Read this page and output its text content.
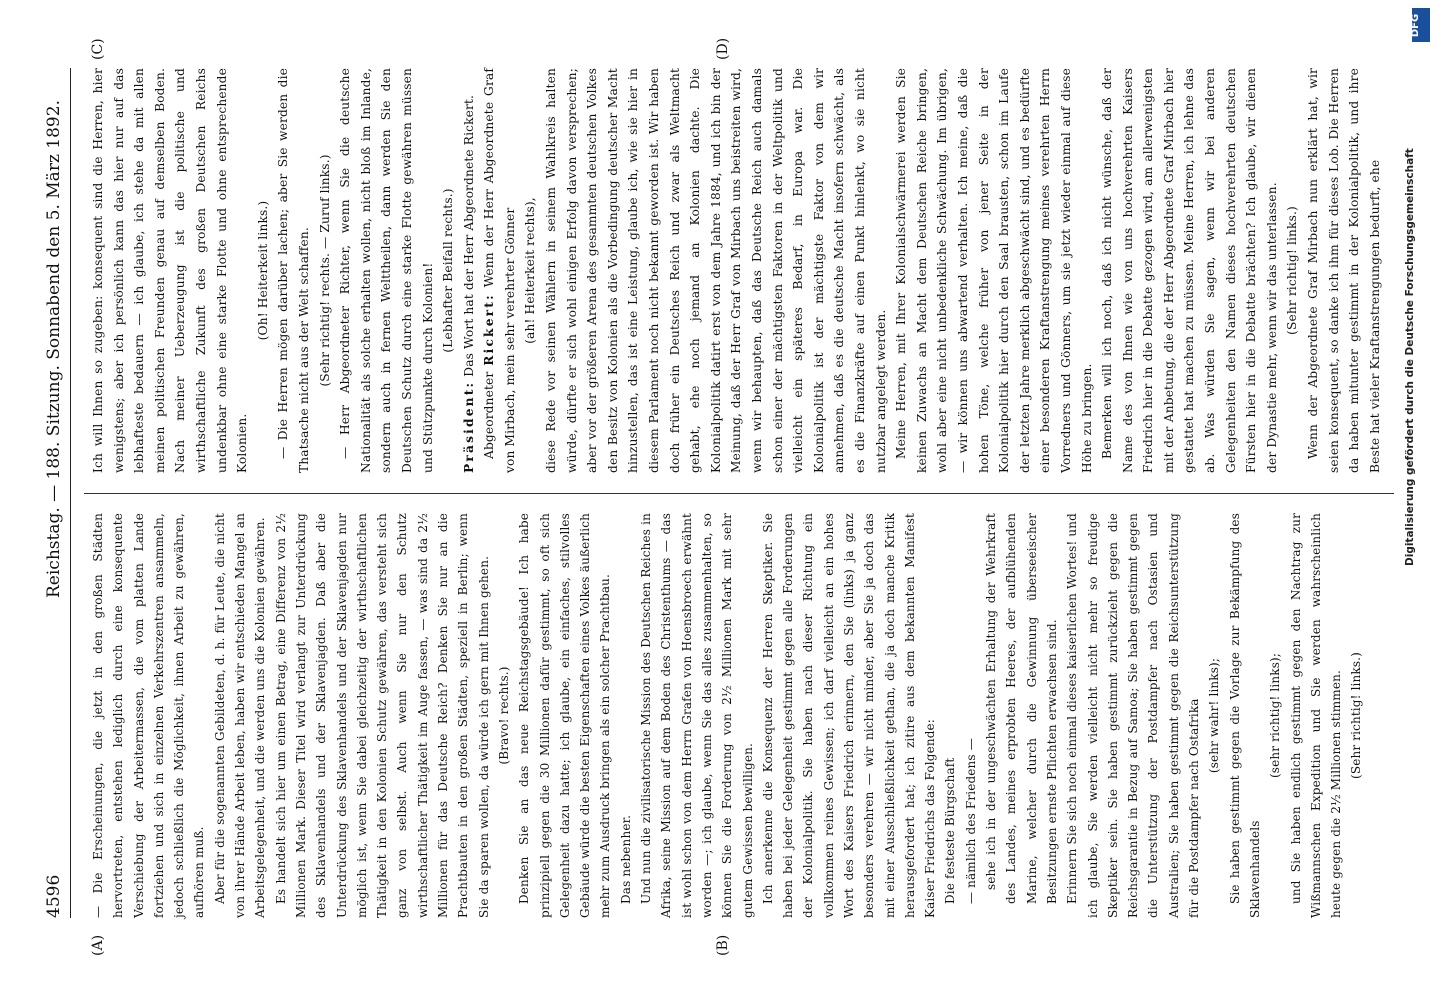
4596
Reichstag. — 188. Sitzung. Sonnabend den 5. März 1892.
(A)	(B)
(C)	(D)

— Die Erscheinungen, die jetzt in den großen Städten hervortreten, entstehen lediglich durch eine konsequente Verschiebung der Arbeitermassen, die vom platten Lande fortziehen und sich in einzelnen Verkehrszentren ansammeln, jedoch schließlich die Möglichkeit, ihnen Arbeit zu gewähren, aufhören muß. Aber für die sogenannten Gebildeten, d. h. für Leute, die nicht von ihrer Hände Arbeit leben, haben wir entschieden Mangel an Arbeitsgelegenheit, und die werden uns die Kolonien gewähren. Es handelt sich hier um einen Betrag, eine Differenz von 2½ Millionen Mark. Dieser Titel wird verlangt zur Unterdrückung des Sklavenhandels und der Sklavenjagden. Daß aber die Unterdrückung des Sklavenhandels und der Sklavenjagden nur möglich ist, wenn Sie dabei gleichzeitig der wirthschaftlichen Thätigkeit in den Kolonien Schutz gewähren, das versteht sich ganz von selbst. Auch wenn Sie nur den Schutz wirthschaftlicher Thätigkeit im Auge fassen, — was sind da 2½ Millionen für das Deutsche Reich? Denken Sie nur an die Prachtbauten in den großen Städten, speziell in Berlin; wenn Sie da sparen wollen, da würde ich gern mit Ihnen gehen. (Bravo! rechts.) Denken Sie an das neue Reichstagsgebäude! Ich habe prinzipiell gegen die 30 Millionen dafür gestimmt, so oft sich Gelegenheit dazu hatte; ich glaube, ein einfaches, stilvolles Gebäude würde die besten Eigenschaften eines Volkes äußerlich mehr zum Ausdruck bringen als ein solcher Prachtbau. Das nebenher. Und nun die zivilisatorische Mission des Deutschen Reiches in Afrika, seine Mission auf dem Boden des Christenthums — das ist wohl schon von dem Herrn Grafen von Hoensbroech erwähnt worden —; ich glaube, wenn Sie das alles zusammenhalten, so können Sie die Forderung von 2½ Millionen Mark mit sehr gutem Gewissen bewilligen. Ich anerkenne die Konsequenz der Herren Skeptiker. Sie haben bei jeder Gelegenheit gestimmt gegen alle Forderungen der Kolonialpolitik. Sie haben nach dieser Richtung ein vollkommen reines Gewissen; ich darf vielleicht an ein hohes Wort des Kaisers Friedrich erinnern, den Sie (links) ja ganz besonders verehren — wir nicht minder, aber Sie ja doch das mit einer Ausschließlichkeit gethan, die ja doch manche Kritik herausgefordert hat; ich zitire aus dem bekannten Manifest Kaiser Friedrichs das Folgende: Die festeste Bürgschaft — nämlich des Friedens — sehe ich in der ungeschwächten Erhaltung der Wehrkraft des Landes, meines erprobten Heeres, der aufblühenden Marine, welcher durch die Gewinnung überseeischer Besitzungen ernste Pflichten erwachsen sind. Erinnern Sie sich noch einmal dieses kaiserlichen Wortes! und ich glaube, Sie werden vielleicht nicht mehr so freudige Skeptiker sein. Sie haben gestimmt zurückzieht gegen die Reichsgarantie in Bezug auf Samoa; Sie haben gestimmt gegen die Unterstützung der Postdampfer nach Ostasien und Australien; Sie haben gestimmt gegen die Reichsunterstützung für die Postdampfer nach Ostafrika (sehr wahr! links); Sie haben gestimmt gegen die Vorlage zur Bekämpfung des Sklavenhandels

(sehr richtig! links); und Sie haben endlich gestimmt gegen den Nachtrag zur Wißmannschen Expedition und Sie werden wahrscheinlich heute gegen die 2½ Millionen stimmen. (Sehr richtig! links.)

Ich will Ihnen so zugeben: konsequent sind die Herren, hier wenigstens; aber ich persönlich kann das hier nur auf das lebhafteste bedauern — ich glaube, ich stehe da mit allen meinen politischen Freunden genau auf demselben Boden. Nach meiner Ueberzeugung ist die politische und wirthschaftliche Zukunft des großen Deutschen Reichs undenkbar ohne eine starke Flotte und ohne entsprechende Kolonien.

(Oh! Heiterkeit links.) — Die Herren mögen darüber lachen; aber Sie werden die Thatsache nicht aus der Welt schaffen. (Sehr richtig! rechts. — Zuruf links.) — Herr Abgeordneter Richter, wenn Sie die deutsche Nationalität als solche erhalten wollen, nicht bloß im Inlande, sondern auch in fernen Welttheilen, dann werden Sie den Deutschen Schutz durch eine starke Flotte gewähren müssen und Stützpunkte durch Kolonien! (Lebhafter Beifall rechts.)

Präsident: Das Wort hat der Herr Abgeordnete Rickert.

Abgeordneter Rickert: Wenn der Herr Abgeordnete Graf von Mirbach, mein sehr verehrter Gönner (ah! Heiterkeit rechts), diese Rede vor seinen Wählern in seinem Wahlkreis halten würde, dürfte er sich wohl einigen Erfolg davon versprechen; aber vor der größeren Arena des gesammten deutschen Volkes den Besitz von Kolonien als die Vorbedingung deutscher Macht hinzustellen, das ist eine Leistung, glaube ich, wie sie hier in diesem Parlament noch nicht bekannt geworden ist. Wir haben doch früher ein Deutsches Reich und zwar als Weltmacht gehabt, ehe noch jemand an Kolonien dachte. Die Kolonialpolitik datirt erst von dem Jahre 1884, und ich bin der Meinung, daß der Herr Graf von Mirbach uns beistreiten wird, wenn wir behaupten, daß das Deutsche Reich auch damals schon einer der mächtigsten Faktoren in der Weltpolitik und vielleicht ein späteres Bedarf, in Europa war. Die Kolonialpolitik ist der mächtigste Faktor von dem wir annehmen, daß es die deutsche Macht insofern schwächt, als es die Finanzkräfte auf einen Punkt hinlenkt, wo sie nicht nutzbar angelegt werden. Meine Herren, mit Ihrer Kolonialschwärmerei werden Sie keinen Zuwachs an Macht dem Deutschen Reiche bringen, wohl aber eine nicht unbedenkliche Schwächung. Im übrigen, — wir können uns abwartend verhalten. Ich meine, daß die hohen Töne, welche früher von jener Seite in der Kolonialpolitik hier durch den Saal brausten, schon im Laufe der letzten Jahre merklich abgeschwächt sind, und es bedürfte einer besonderen Kraftanstrengung meines verehrten Herrn Vorredners und Gönners, um sie jetzt wieder einmal auf diese Höhe zu bringen. Bemerken will ich noch, daß ich nicht wünsche, daß der Name des von Ihnen wie von uns hochverehrten Kaisers Friedrich hier in die Debatte gezogen wird, am allerwenigsten mit der Anbetung, die der Herr Abgeordnete Graf Mirbach hier gestattet hat machen zu müssen. Meine Herren, ich lehne das ab. Was würden Sie sagen, wenn wir bei anderen Gelegenheiten den Namen dieses hochverehrten deutschen Fürsten hier in die Debatte brächten? Ich glaube, wir dienen der Dynastie mehr, wenn wir das unterlassen. (Sehr richtig! links.) Wenn der Abgeordnete Graf Mirbach nun erklärt hat, wir seien konsequent, so danke ich ihm für dieses Lob. Die Herren da haben mitunter gestimmt in der Kolonialpolitik, und ihre Beste hat vieler Kraftanstrengungen bedurft, ehe

DFG
Digitalisierung gefördert durch die Deutsche Forschungsgemeinschaft
